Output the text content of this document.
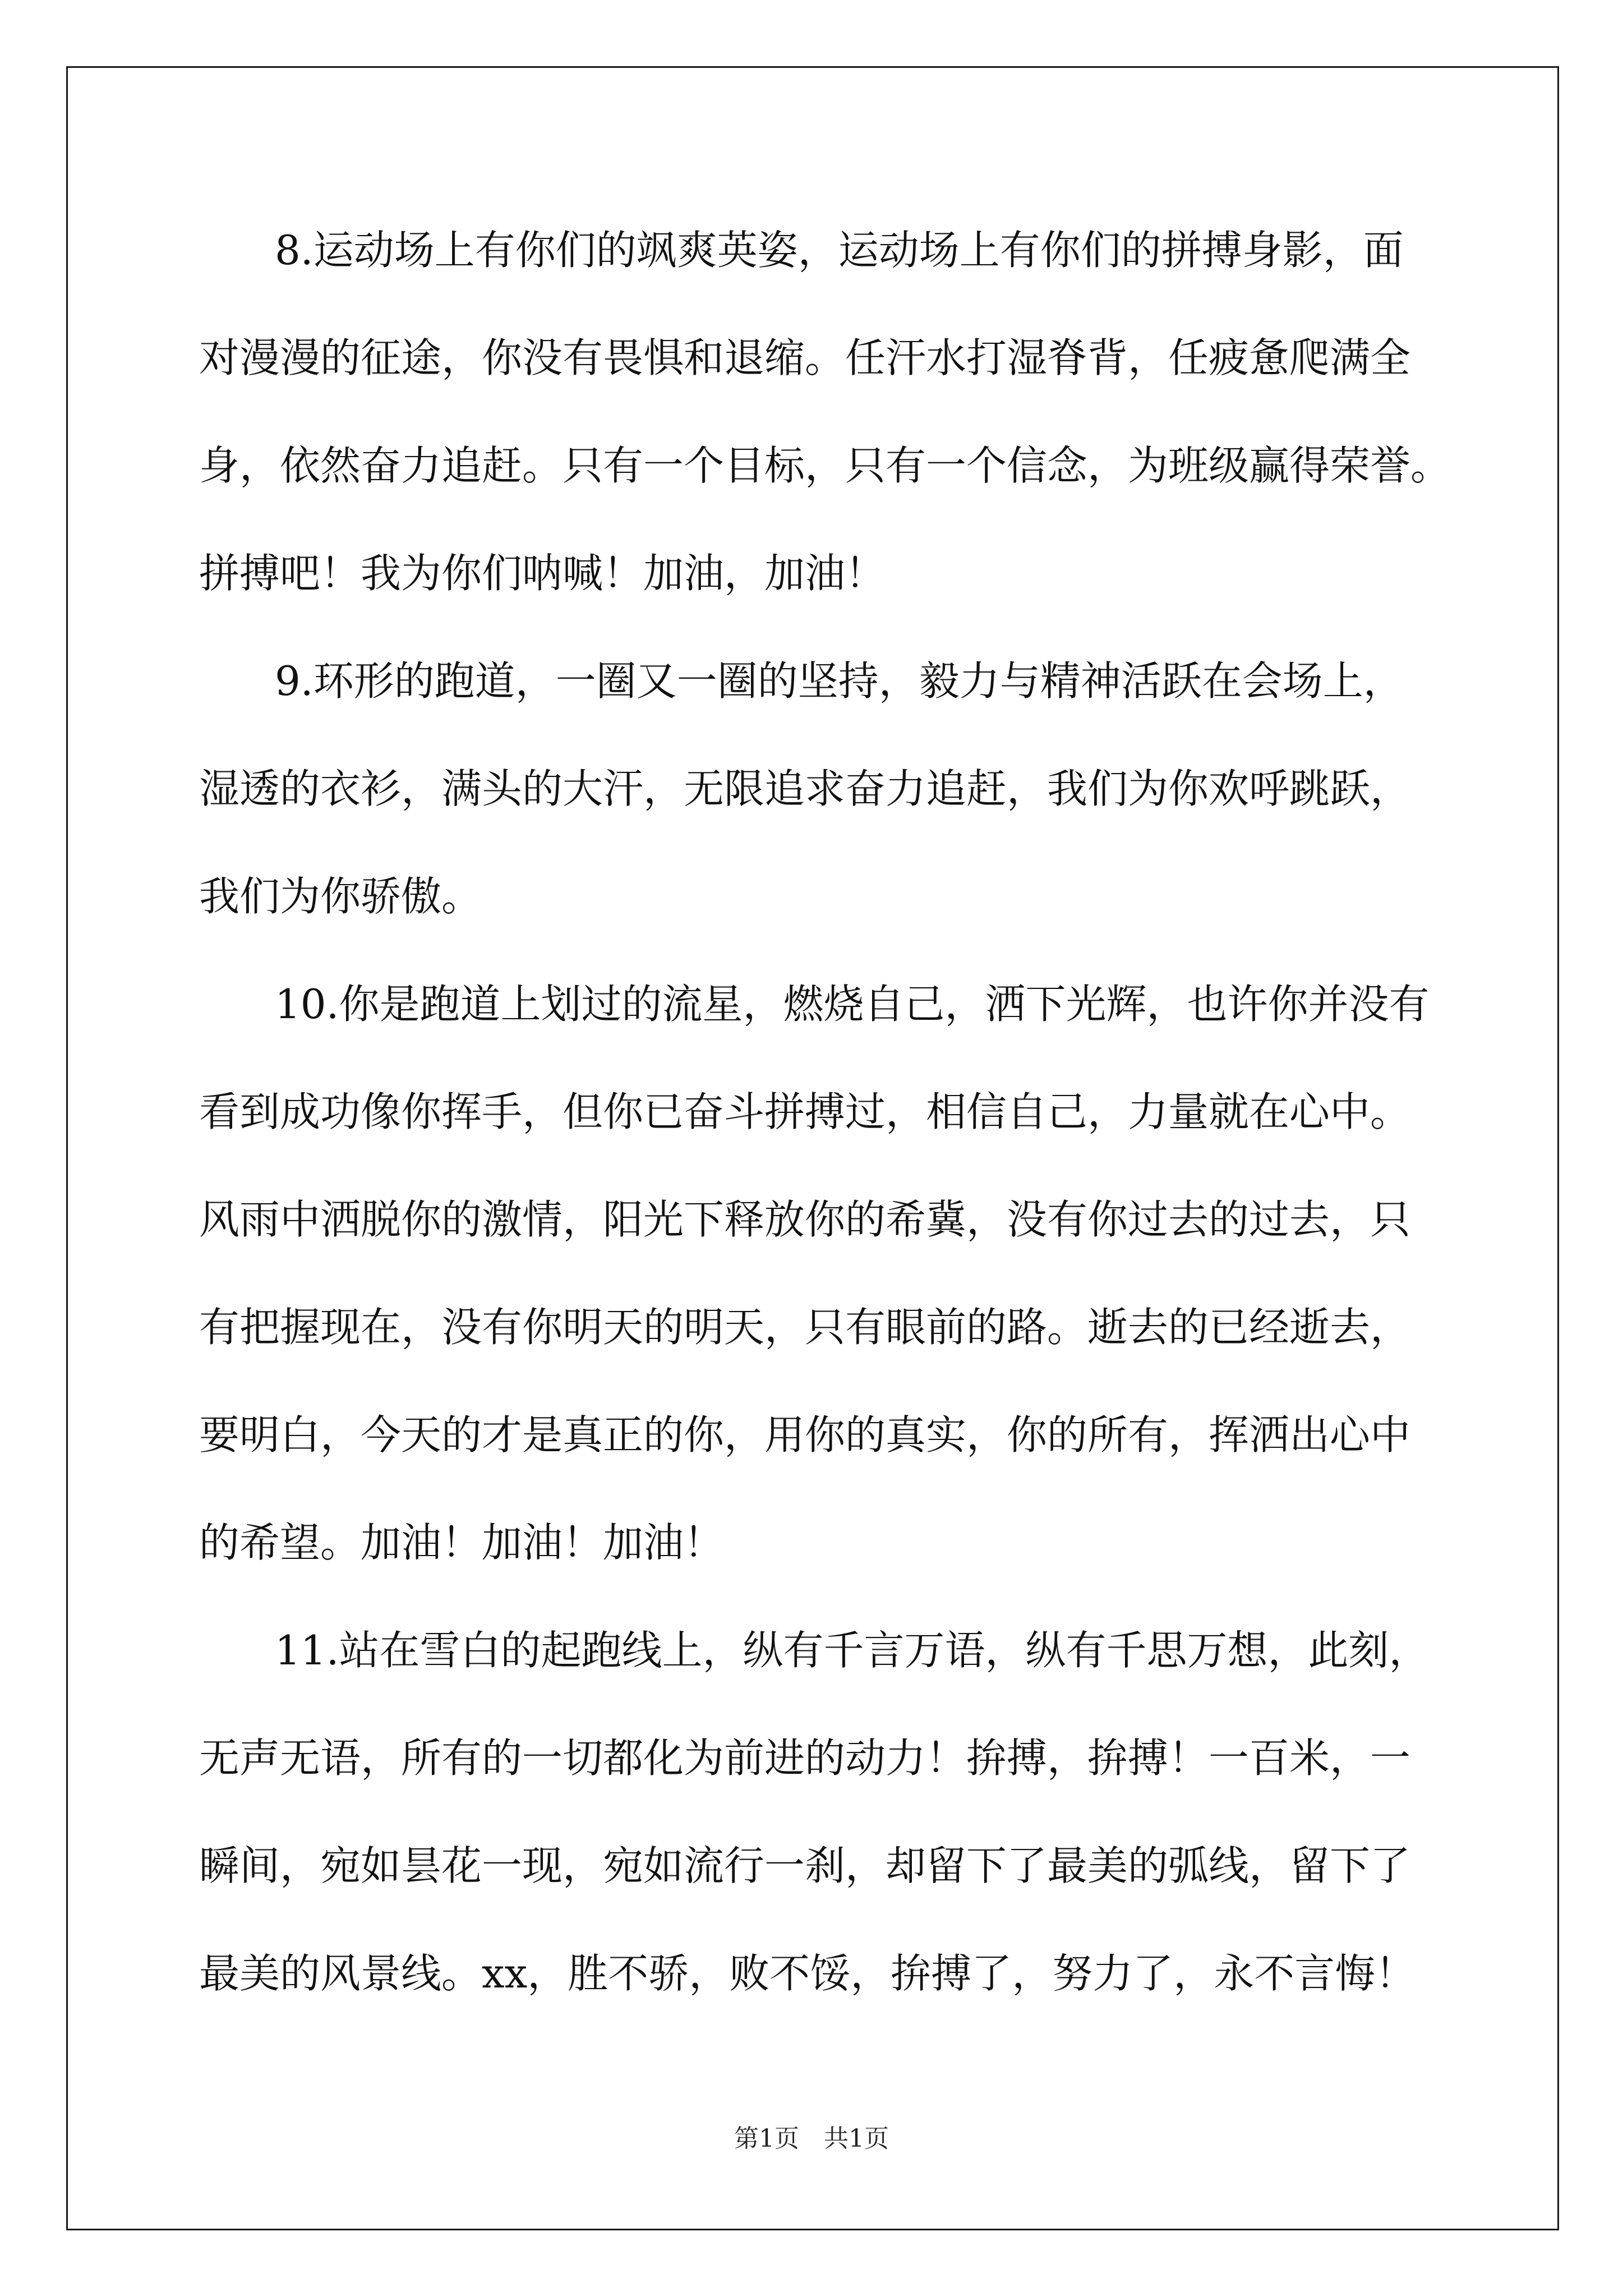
8.运动场上有你们的飒爽英姿，运动场上有你们的拼搏身影，面
对漫漫的征途，你没有畏惧和退缩。任汗水打湿脊背，任疲惫爬满全
身，依然奋力追赶。只有一个目标，只有一个信念，为班级赢得荣誉。
拼搏吧！我为你们呐喊！加油，加油！
9.环形的跑道，一圈又一圈的坚持，毅力与精神活跃在会场上，
湿透的衣衫，满头的大汗，无限追求奋力追赶，我们为你欢呼跳跃，
我们为你骄傲。
10.你是跑道上划过的流星，燃烧自己，洒下光辉，也许你并没有
看到成功像你挥手，但你已奋斗拼搏过，相信自己，力量就在心中。
风雨中洒脱你的激情，阳光下释放你的希冀，没有你过去的过去，只
有把握现在，没有你明天的明天，只有眼前的路。逝去的已经逝去，
要明白，今天的才是真正的你，用你的真实，你的所有，挥洒出心中
的希望。加油！加油！加油！
11.站在雪白的起跑线上，纵有千言万语，纵有千思万想，此刻，
无声无语，所有的一切都化为前进的动力！拚搏，拚搏！一百米，一
瞬间，宛如昙花一现，宛如流行一刹，却留下了最美的弧线，留下了
最美的风景线。xx，胜不骄，败不馁，拚搏了，努力了，永不言悔！
第1页　共1页
